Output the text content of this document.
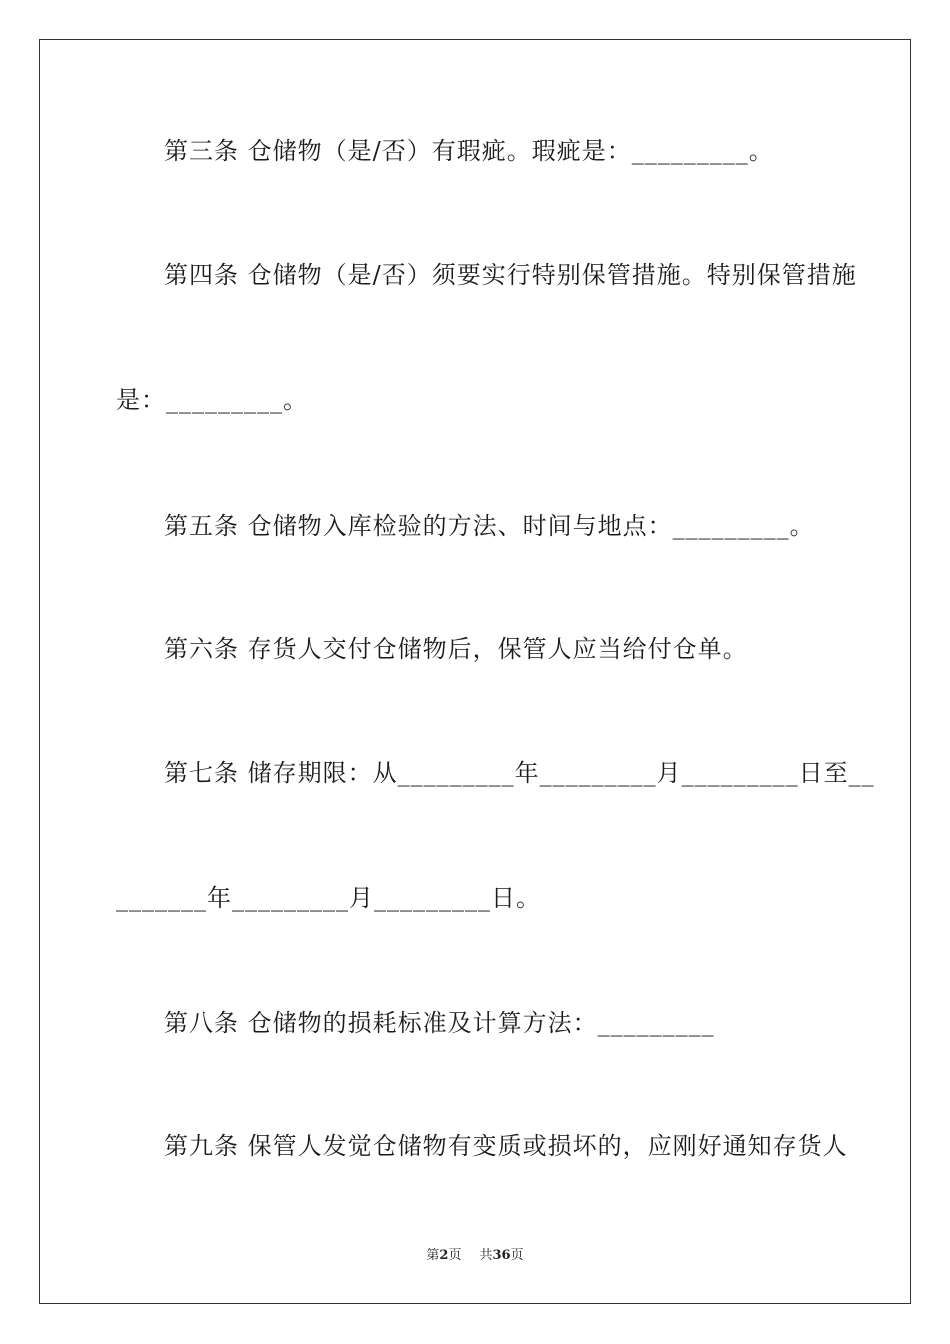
第三条 仓储物（是/否）有瑕疵。瑕疵是：_________。
第四条 仓储物（是/否）须要实行特别保管措施。特别保管措施
是：_________。
第五条 仓储物入库检验的方法、时间与地点：_________。
第六条 存货人交付仓储物后，保管人应当给付仓单。
第七条 储存期限：从_________年_________月_________日至__
_______年_________月_________日。
第八条 仓储物的损耗标准及计算方法：_________
第九条 保管人发觉仓储物有变质或损坏的，应刚好通知存货人
第2页 共36页
